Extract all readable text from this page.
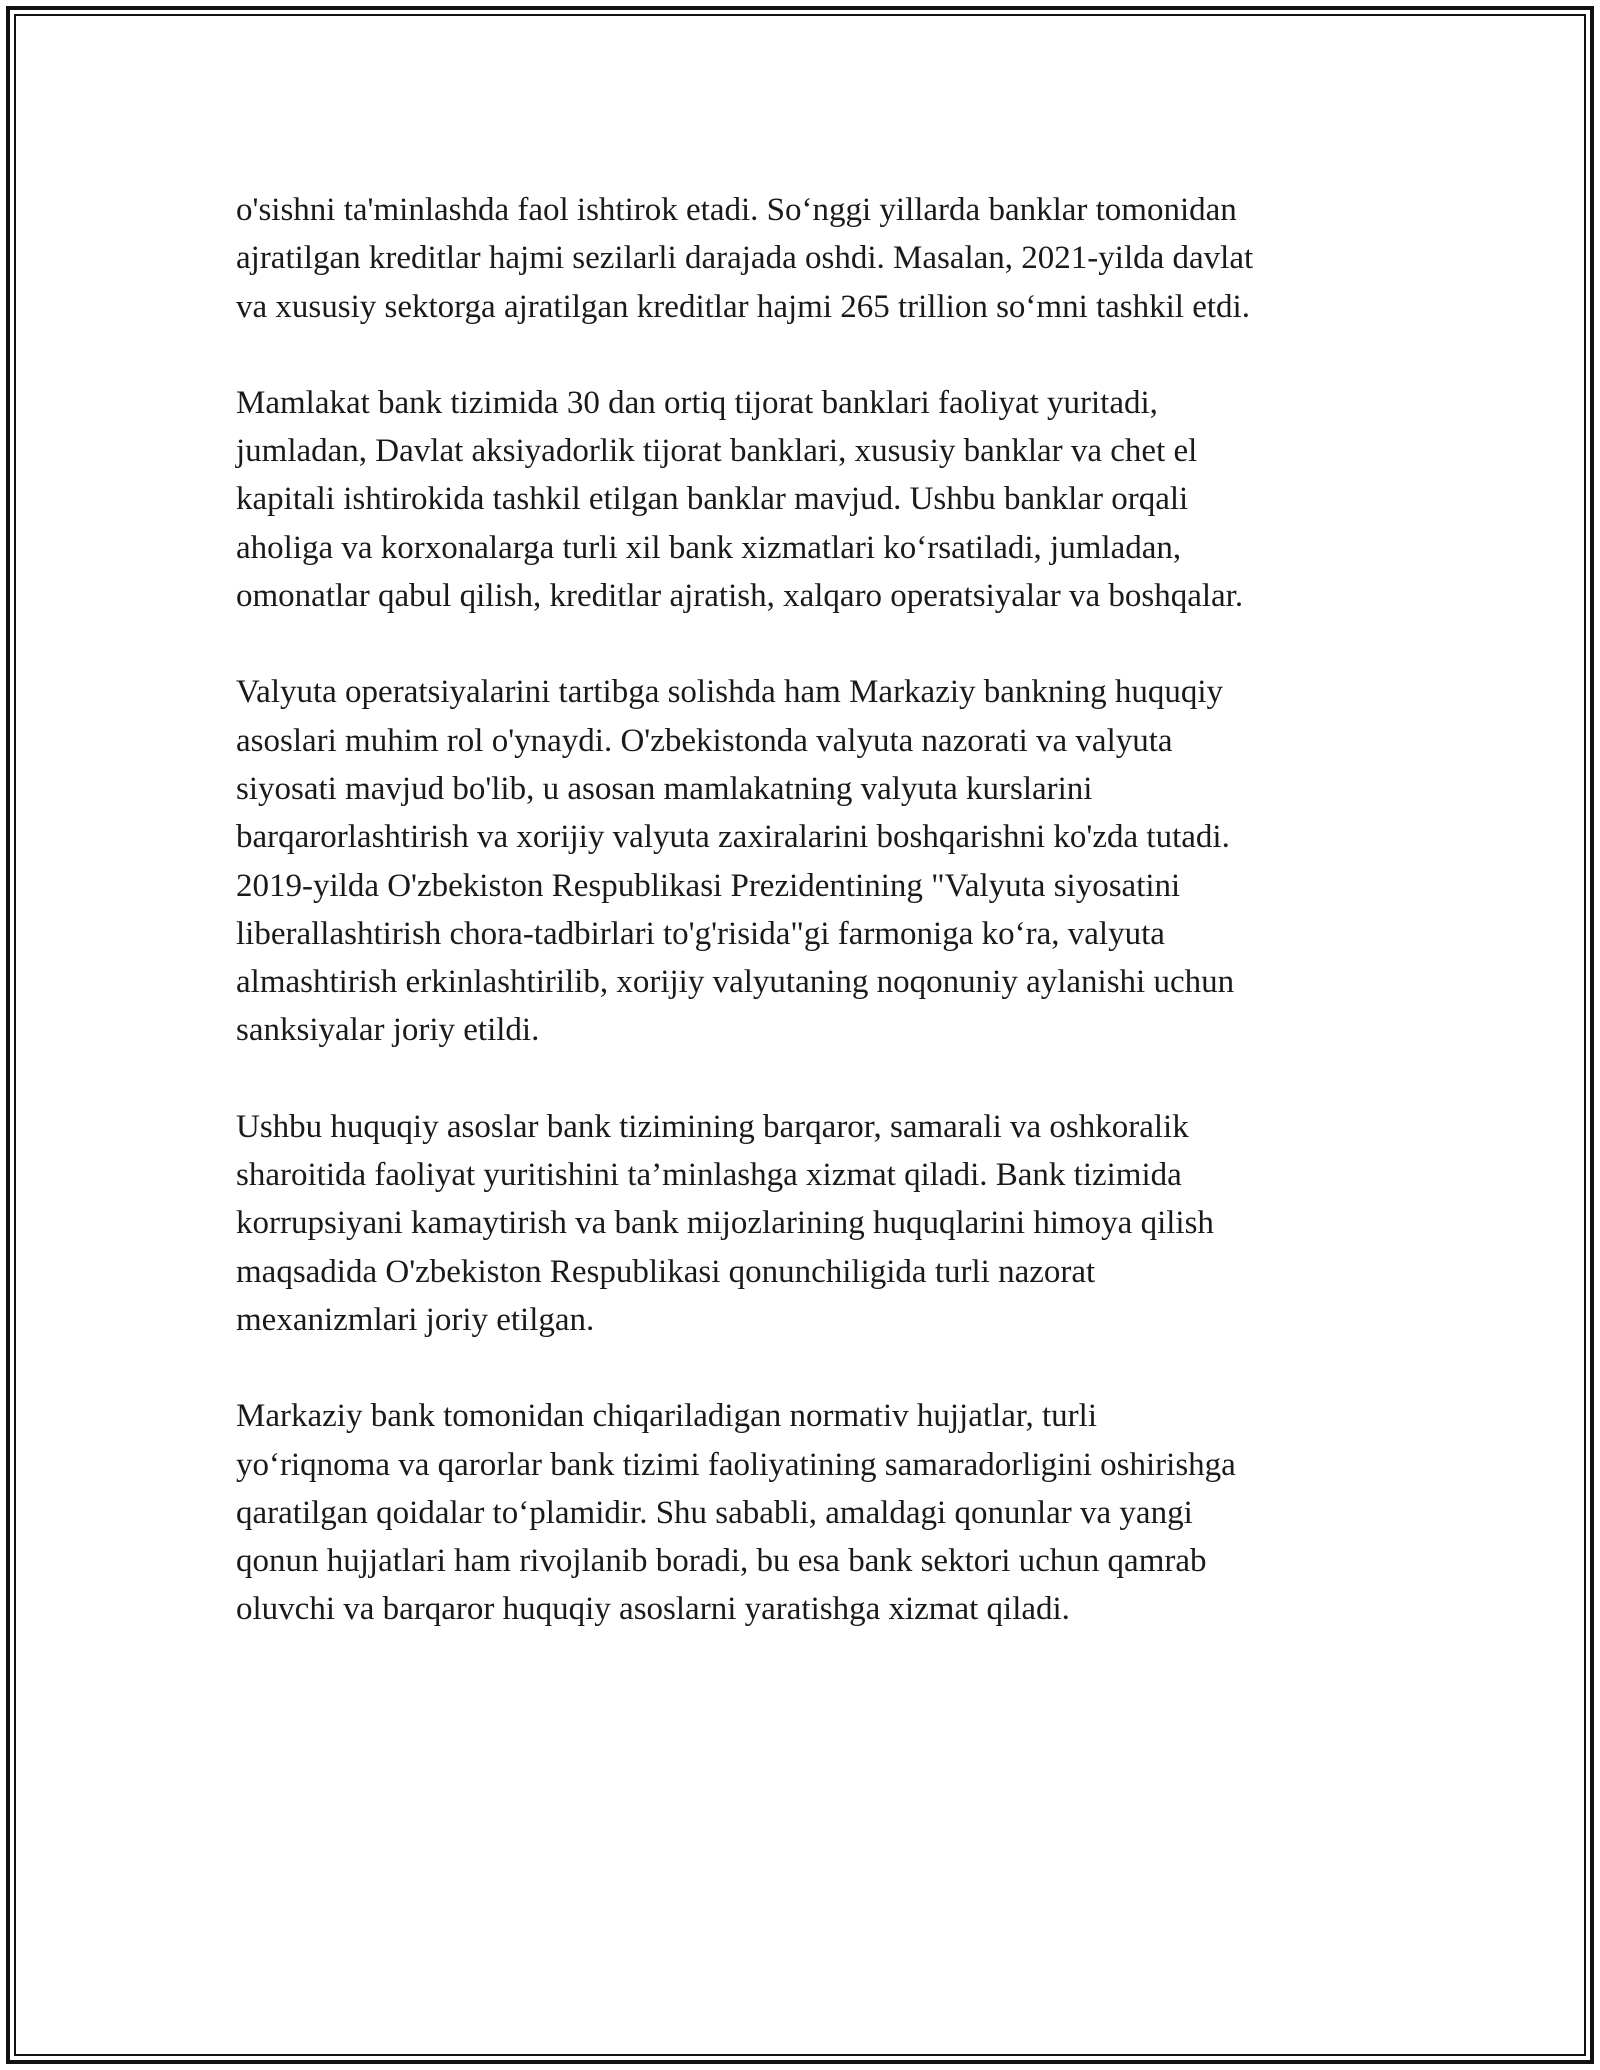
o'sishni ta'minlashda faol ishtirok etadi. So‘nggi yillarda banklar tomonidan
ajratilgan kreditlar hajmi sezilarli darajada oshdi. Masalan, 2021-yilda davlat
va xususiy sektorga ajratilgan kreditlar hajmi 265 trillion so‘mni tashkil etdi.

Mamlakat bank tizimida 30 dan ortiq tijorat banklari faoliyat yuritadi,
jumladan, Davlat aksiyadorlik tijorat banklari, xususiy banklar va chet el
kapitali ishtirokida tashkil etilgan banklar mavjud. Ushbu banklar orqali
aholiga va korxonalarga turli xil bank xizmatlari ko‘rsatiladi, jumladan,
omonatlar qabul qilish, kreditlar ajratish, xalqaro operatsiyalar va boshqalar.

Valyuta operatsiyalarini tartibga solishda ham Markaziy bankning huquqiy
asoslari muhim rol o'ynaydi. O'zbekistonda valyuta nazorati va valyuta
siyosati mavjud bo'lib, u asosan mamlakatning valyuta kurslarini
barqarorlashtirish va xorijiy valyuta zaxiralarini boshqarishni ko'zda tutadi.
2019-yilda O'zbekiston Respublikasi Prezidentining "Valyuta siyosatini
liberallashtirish chora-tadbirlari to'g'risida"gi farmoniga ko‘ra, valyuta
almashtirish erkinlashtirilib, xorijiy valyutaning noqonuniy aylanishi uchun
sanksiyalar joriy etildi.

Ushbu huquqiy asoslar bank tizimining barqaror, samarali va oshkoralik
sharoitida faoliyat yuritishini ta’minlashga xizmat qiladi. Bank tizimida
korrupsiyani kamaytirish va bank mijozlarining huquqlarini himoya qilish
maqsadida O'zbekiston Respublikasi qonunchiligida turli nazorat
mexanizmlari joriy etilgan.

Markaziy bank tomonidan chiqariladigan normativ hujjatlar, turli
yo‘riqnoma va qarorlar bank tizimi faoliyatining samaradorligini oshirishga
qaratilgan qoidalar to‘plamidir. Shu sababli, amaldagi qonunlar va yangi
qonun hujjatlari ham rivojlanib boradi, bu esa bank sektori uchun qamrab
oluvchi va barqaror huquqiy asoslarni yaratishga xizmat qiladi.
